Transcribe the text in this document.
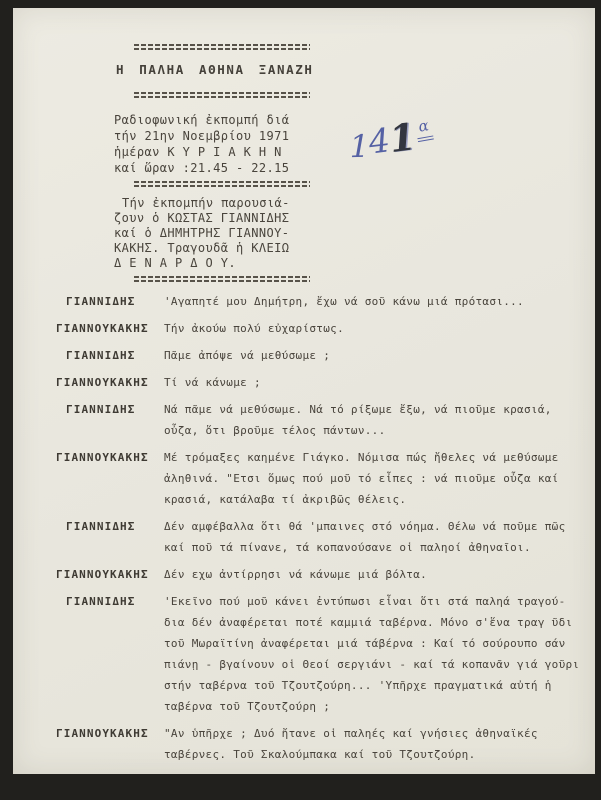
Η ΠΑΛΗΑ ΑΘΗΝΑ ΞΑΝΑΖΗ
Ραδιοφωνική ἐκπομπή διά
τήν 21ην Νοεμβρίου 1971
ἡμέραν Κ Υ Ρ Ι Α Κ Η Ν
καί ὥραν :21.45 - 22.15
Τήν ἐκπομπήν παρουσιά-
ζουν ὁ ΚΩΣΤΑΣ ΓΙΑΝΝΙΔΗΣ
καί ὁ ΔΗΜΗΤΡΗΣ ΓΙΑΝΝΟΥ-
ΚΑΚΗΣ. Τραγουδᾶ ἡ ΚΛΕΙΩ
Δ Ε Ν Α Ρ Δ Ο Υ.
ΓΙΑΝΝΙΔΗΣ	'Αγαπητέ μου Δημήτρη, ἔχω νά σοῦ κάνω μιά πρότασι...
ΓΙΑΝΝΟΥΚΑΚΗΣ	Τήν ἀκούω πολύ εὐχαρίστως.
ΓΙΑΝΝΙΔΗΣ	Πᾶμε ἀπόψε νά μεθύσωμε ;
ΓΙΑΝΝΟΥΚΑΚΗΣ	Τί νά κάνωμε ;
ΓΙΑΝΝΙΔΗΣ	Νά πᾶμε νά μεθύσωμε. Νά τό ρίξωμε ἔξω, νά πιοῦμε κρασιά,
οὖζα, ὅτι βροῦμε τέλος πάντων...
ΓΙΑΝΝΟΥΚΑΚΗΣ	Μέ τρόμαξες καημένε Γιάγκο. Νόμισα πώς ἤθελες νά μεθύσωμε
ἀληθινά. "Ετσι ὅμως πού μοῦ τό εἶπες : νά πιοῦμε οὖζα καί
κρασιά, κατάλαβα τί ἀκριβῶς θέλεις.
ΓΙΑΝΝΙΔΗΣ	Δέν αμφέβαλλα ὅτι θά 'μπαινες στό νόημα. Θέλω νά ποῦμε πῶς
καί ποῦ τά πίνανε, τά κοπανούσανε οἱ παληοί ἀθηναῖοι.
ΓΙΑΝΝΟΥΚΑΚΗΣ	Δέν εχω ἀντίρρησι νά κάνωμε μιά βόλτα.
ΓΙΑΝΝΙΔΗΣ	'Εκεῖνο πού μοῦ κάνει ἐντύπωσι εἶναι ὅτι στά παληά τραγού-
δια δέν ἀναφέρεται ποτέ καμμιά ταβέρνα. Μόνο σ'ἕνα τραγ ῦδι
τοῦ Μωραϊτίνη ἀναφέρεται μιά τάβέρνα : Καί τό σούρουπο σάν
πιάνῃ - βγαίνουν οἱ Θεοί σεργιάνι - καί τά κοπανᾶν γιά γοῦρι
στήν ταβέρνα τοῦ Τζουτζούρη... 'Υπῆρχε πραγματικά αὐτή ἡ
ταβέρνα τοῦ Τζουτζούρη ;
ΓΙΑΝΝΟΥΚΑΚΗΣ	"Αν ὑπῆρχε ; Δυό ἤτανε οἱ παληές καί γνήσιες ἀθηναϊκές
ταβέρνες. Τοῦ Σκαλούμπακα καί τοῦ Τζουτζούρη.
141α
